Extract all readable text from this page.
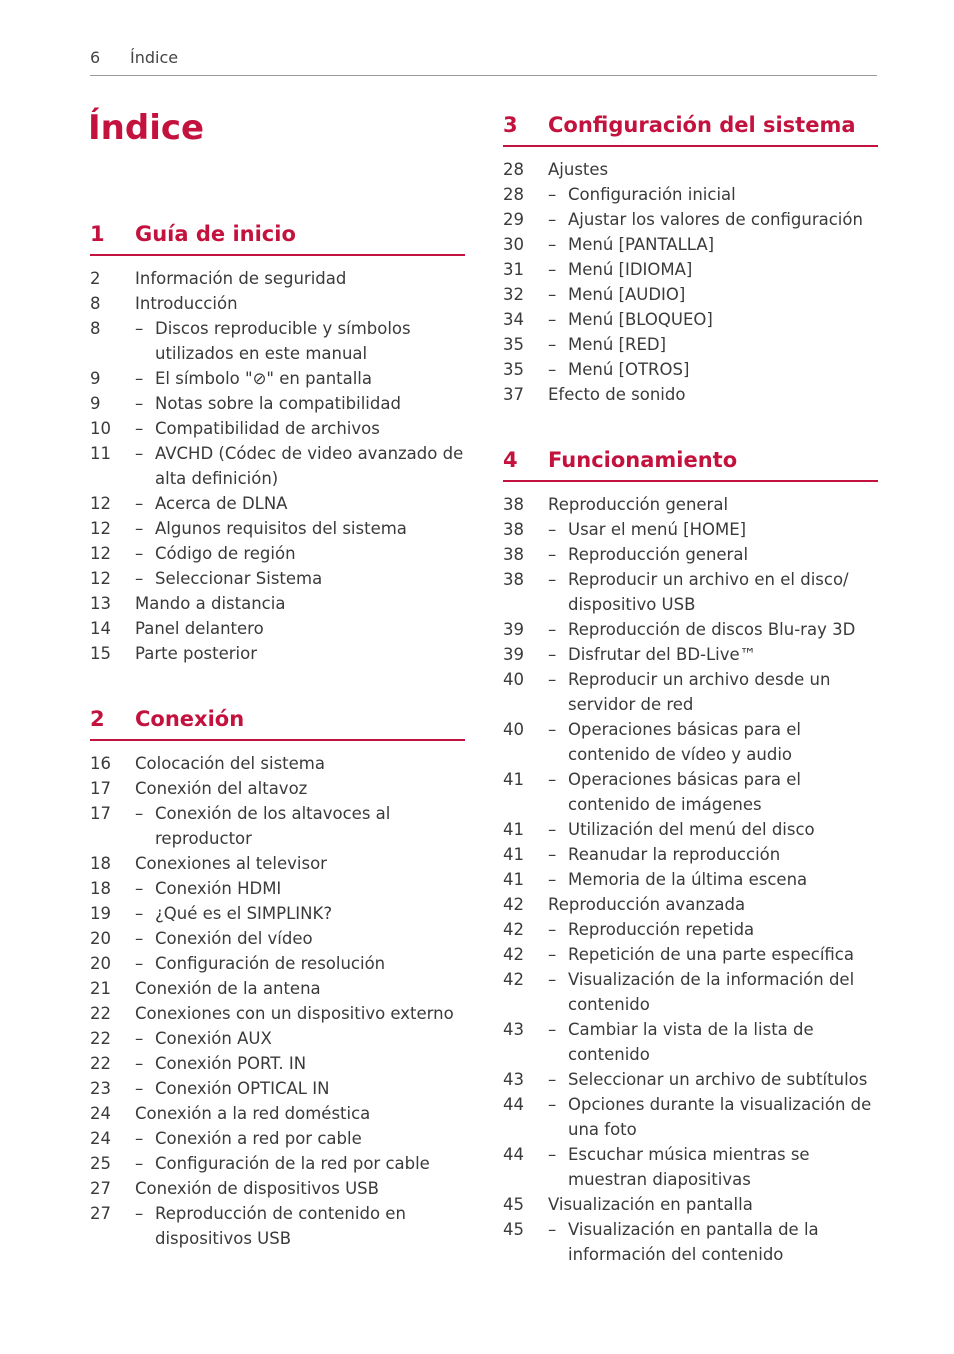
6 Índice
Índice
1 Guía de inicio
2 Información de seguridad
8 Introducción
8 – Discos reproducible y símbolos utilizados en este manual
9 – El símbolo "⊘" en pantalla
9 – Notas sobre la compatibilidad
10 – Compatibilidad de archivos
11 – AVCHD (Códec de video avanzado de alta definición)
12 – Acerca de DLNA
12 – Algunos requisitos del sistema
12 – Código de región
12 – Seleccionar Sistema
13 Mando a distancia
14 Panel delantero
15 Parte posterior
2 Conexión
16 Colocación del sistema
17 Conexión del altavoz
17 – Conexión de los altavoces al reproductor
18 Conexiones al televisor
18 – Conexión HDMI
19 – ¿Qué es el SIMPLINK?
20 – Conexión del vídeo
20 – Configuración de resolución
21 Conexión de la antena
22 Conexiones con un dispositivo externo
22 – Conexión AUX
22 – Conexión PORT. IN
23 – Conexión OPTICAL IN
24 Conexión a la red doméstica
24 – Conexión a red por cable
25 – Configuración de la red por cable
27 Conexión de dispositivos USB
27 – Reproducción de contenido en dispositivos USB
3 Configuración del sistema
28 Ajustes
28 – Configuración inicial
29 – Ajustar los valores de configuración
30 – Menú [PANTALLA]
31 – Menú [IDIOMA]
32 – Menú [AUDIO]
34 – Menú [BLOQUEO]
35 – Menú [RED]
35 – Menú [OTROS]
37 Efecto de sonido
4 Funcionamiento
38 Reproducción general
38 – Usar el menú [HOME]
38 – Reproducción general
38 – Reproducir un archivo en el disco/ dispositivo USB
39 – Reproducción de discos Blu-ray 3D
39 – Disfrutar del BD-Live™
40 – Reproducir un archivo desde un servidor de red
40 – Operaciones básicas para el contenido de vídeo y audio
41 – Operaciones básicas para el contenido de imágenes
41 – Utilización del menú del disco
41 – Reanudar la reproducción
41 – Memoria de la última escena
42 Reproducción avanzada
42 – Reproducción repetida
42 – Repetición de una parte específica
42 – Visualización de la información del contenido
43 – Cambiar la vista de la lista de contenido
43 – Seleccionar un archivo de subtítulos
44 – Opciones durante la visualización de una foto
44 – Escuchar música mientras se muestran diapositivas
45 Visualización en pantalla
45 – Visualización en pantalla de la información del contenido
